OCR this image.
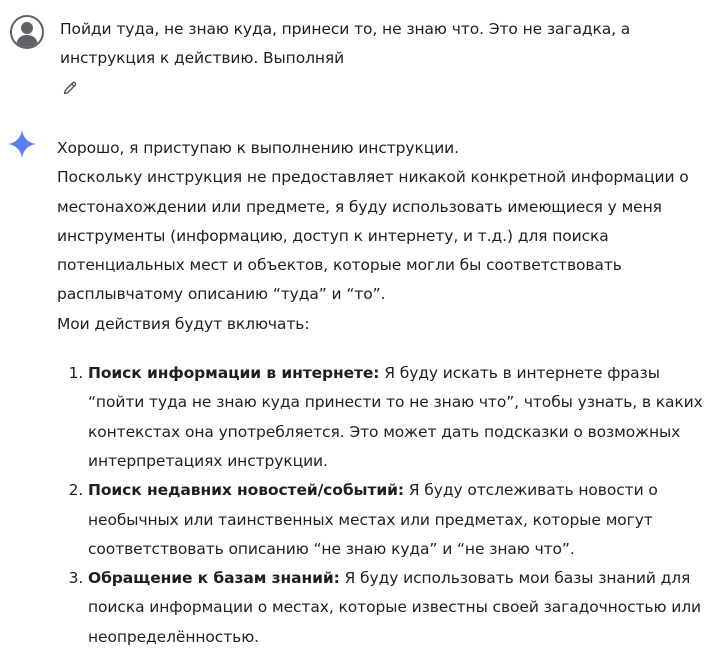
Пойди туда, не знаю куда, принеси то, не знаю что. Это не загадка, а инструкция к действию. Выполняй

Хорошо, я приступаю к выполнению инструкции.

Поскольку инструкция не предоставляет никакой конкретной информации о местонахождении или предмете, я буду использовать имеющиеся у меня инструменты (информацию, доступ к интернету, и т.д.) для поиска потенциальных мест и объектов, которые могли бы соответствовать расплывчатому описанию “туда” и “то”.

Мои действия будут включать:

1. Поиск информации в интернете: Я буду искать в интернете фразы “пойти туда не знаю куда принести то не знаю что”, чтобы узнать, в каких контекстах она употребляется. Это может дать подсказки о возможных интерпретациях инструкции.
2. Поиск недавних новостей/событий: Я буду отслеживать новости о необычных или таинственных местах или предметах, которые могут соответствовать описанию “не знаю куда” и “не знаю что”.
3. Обращение к базам знаний: Я буду использовать мои базы знаний для поиска информации о местах, которые известны своей загадочностью или неопределённостью.
